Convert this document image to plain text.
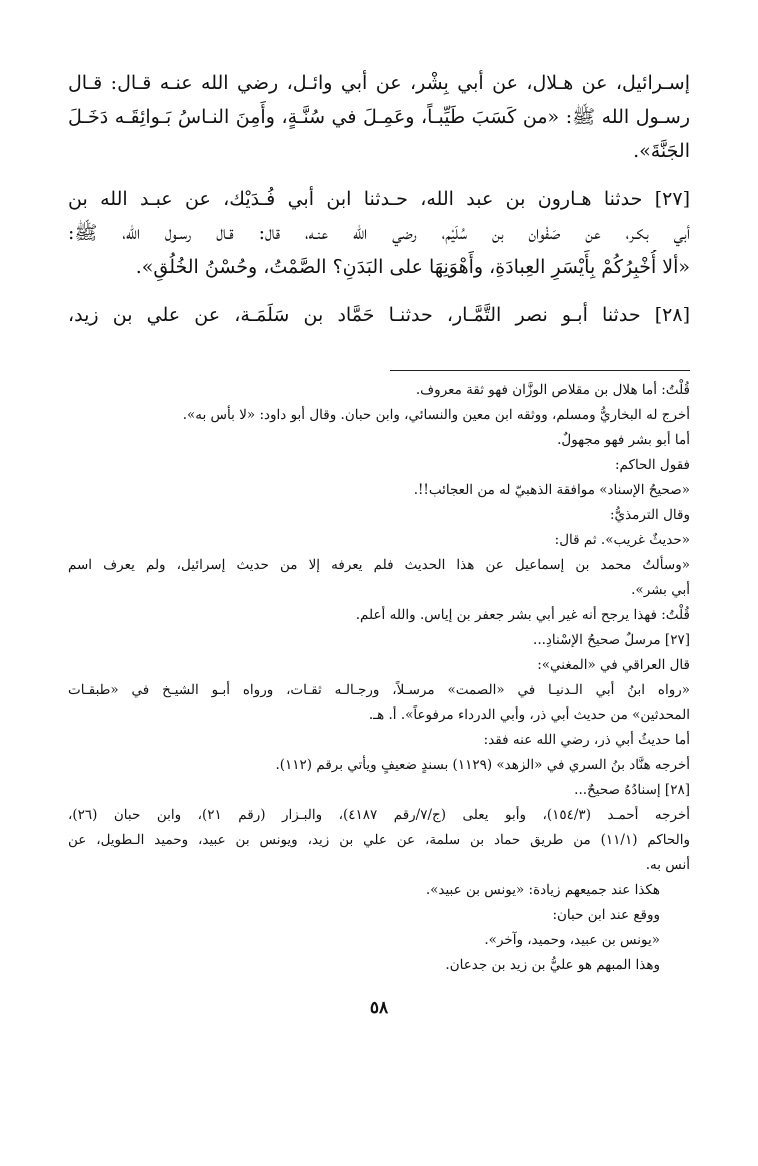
إسـرائيل، عن هـلال، عن أبي بِشْر، عن أبي وائـل، رضي الله عنـه قـال: قـال
رسـول الله ﷺ: «من كَسَبَ طَيِّبـاً، وعَمِـلَ في سُنَّـةٍ، وأَمِنَ النـاسُ بَـوائِقَـه دَخَـلَ
الجَنَّةَ».
[٢٧] حدثنا هـارون بن عبد الله، حـدثنا ابن أبي فُـدَيْك، عن عبـد الله بن
أبي بكـر، عن صَفْوان بن سُلَيْم، رضي الله عنـه، قال: قـال رسـول الله، ﷺ:
«ألا أُخْبِرُكُمْ بِأَيْسَرِ العِبادَةِ، وأَهْوَنِهَا على البَدَنِ؟ الصَّمْتُ، وحُسْنُ الخُلُقِ».
[٢٨] حدثنا أبـو نصر التَّمَّـار، حدثنـا حَمَّاد بن سَلَمَـة، عن علي بن زيد،
قُلْتُ: أما هلال بن مقلاص الوزَّان فهو ثقة معروف.
أخرج له البخاريُّ ومسلم، ووثقه ابن معين والنسائي، وابن حبان. وقال أبو داود: «لا بأس به».
أما أبو بشر فهو مجهولٌ.
فقول الحاكم:
«صحيحُ الإسناد» موافقة الذهبيّ له من العجائب!!.
وقال الترمذيُّ:
«حديثٌ غريب». ثم قال:
«وسألتُ محمد بن إسماعيل عن هذا الحديث فلم يعرفه إلا من حديث إسرائيل، ولم يعرف اسم
أبي بشر».
قُلْتُ: فهذا يرجح أنه غير أبي بشر جعفر بن إياس. والله أعلم.
[٢٧] مرسلٌ صحيحُ الإسْنادِ...
قال العراقي في «المغني»:
«رواه ابنُ أبي الـدنيـا في «الصمت» مرسـلاً، ورجـالـه ثقـات، ورواه أبـو الشيـخ في «طبقـات
المحدثين» من حديث أبي ذر، وأبي الدرداء مرفوعاً». أ. هـ.
أما حديثُ أبي ذر، رضي الله عنه فقد:
أخرجه هنَّاد بنُ السري في «الزهد» (١١٢٩) بسندٍ ضعيفٍ ويأتي برقم (١١٢).
[٢٨] إسنادُهُ صحيحٌ...
أخرجه أحمـد (١٥٤/٣)، وأبو يعلى (ج/٧/رقم ٤١٨٧)، والبـزار (رقم ٢١)، وابن حبان (٢٦)،
والحاكم (١١/١) من طريق حماد بن سلمة، عن علي بن زيد، ويونس بن عبيد، وحميد الـطويل، عن
أنس به.
هكذا عند جميعهم زيادة: «يونس بن عبيد».
ووقع عند ابن حبان:
«يونس بن عبيد، وحميد، وآخر».
وهذا المبهم هو عليُّ بن زيد بن جدعان.
٥٨
